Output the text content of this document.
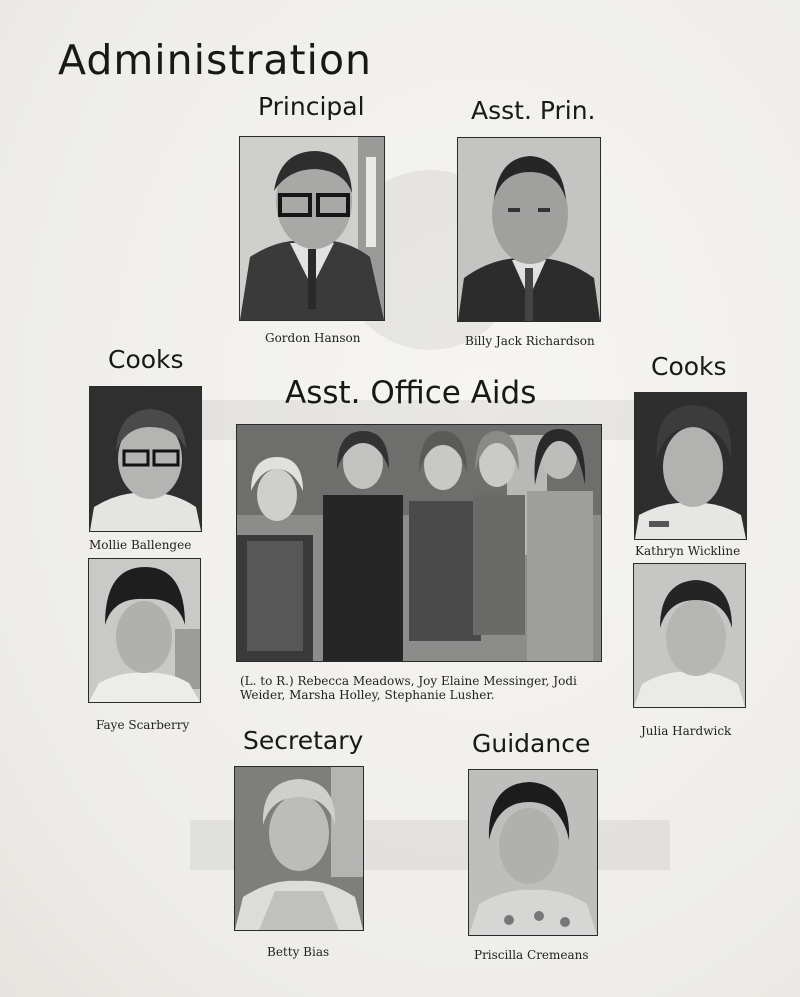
Administration
Principal	Asst. Prin.
Cooks	Cooks
Asst. Office Aids
Secretary	Guidance
Gordon Hanson	Billy Jack Richardson
Mollie Ballengee
Faye Scarberry
Kathryn Wickline
Julia Hardwick
(L. to R.) Rebecca Meadows, Joy Elaine Messinger, Jodi
Weider, Marsha Holley, Stephanie Lusher.
Betty Bias	Priscilla Cremeans
